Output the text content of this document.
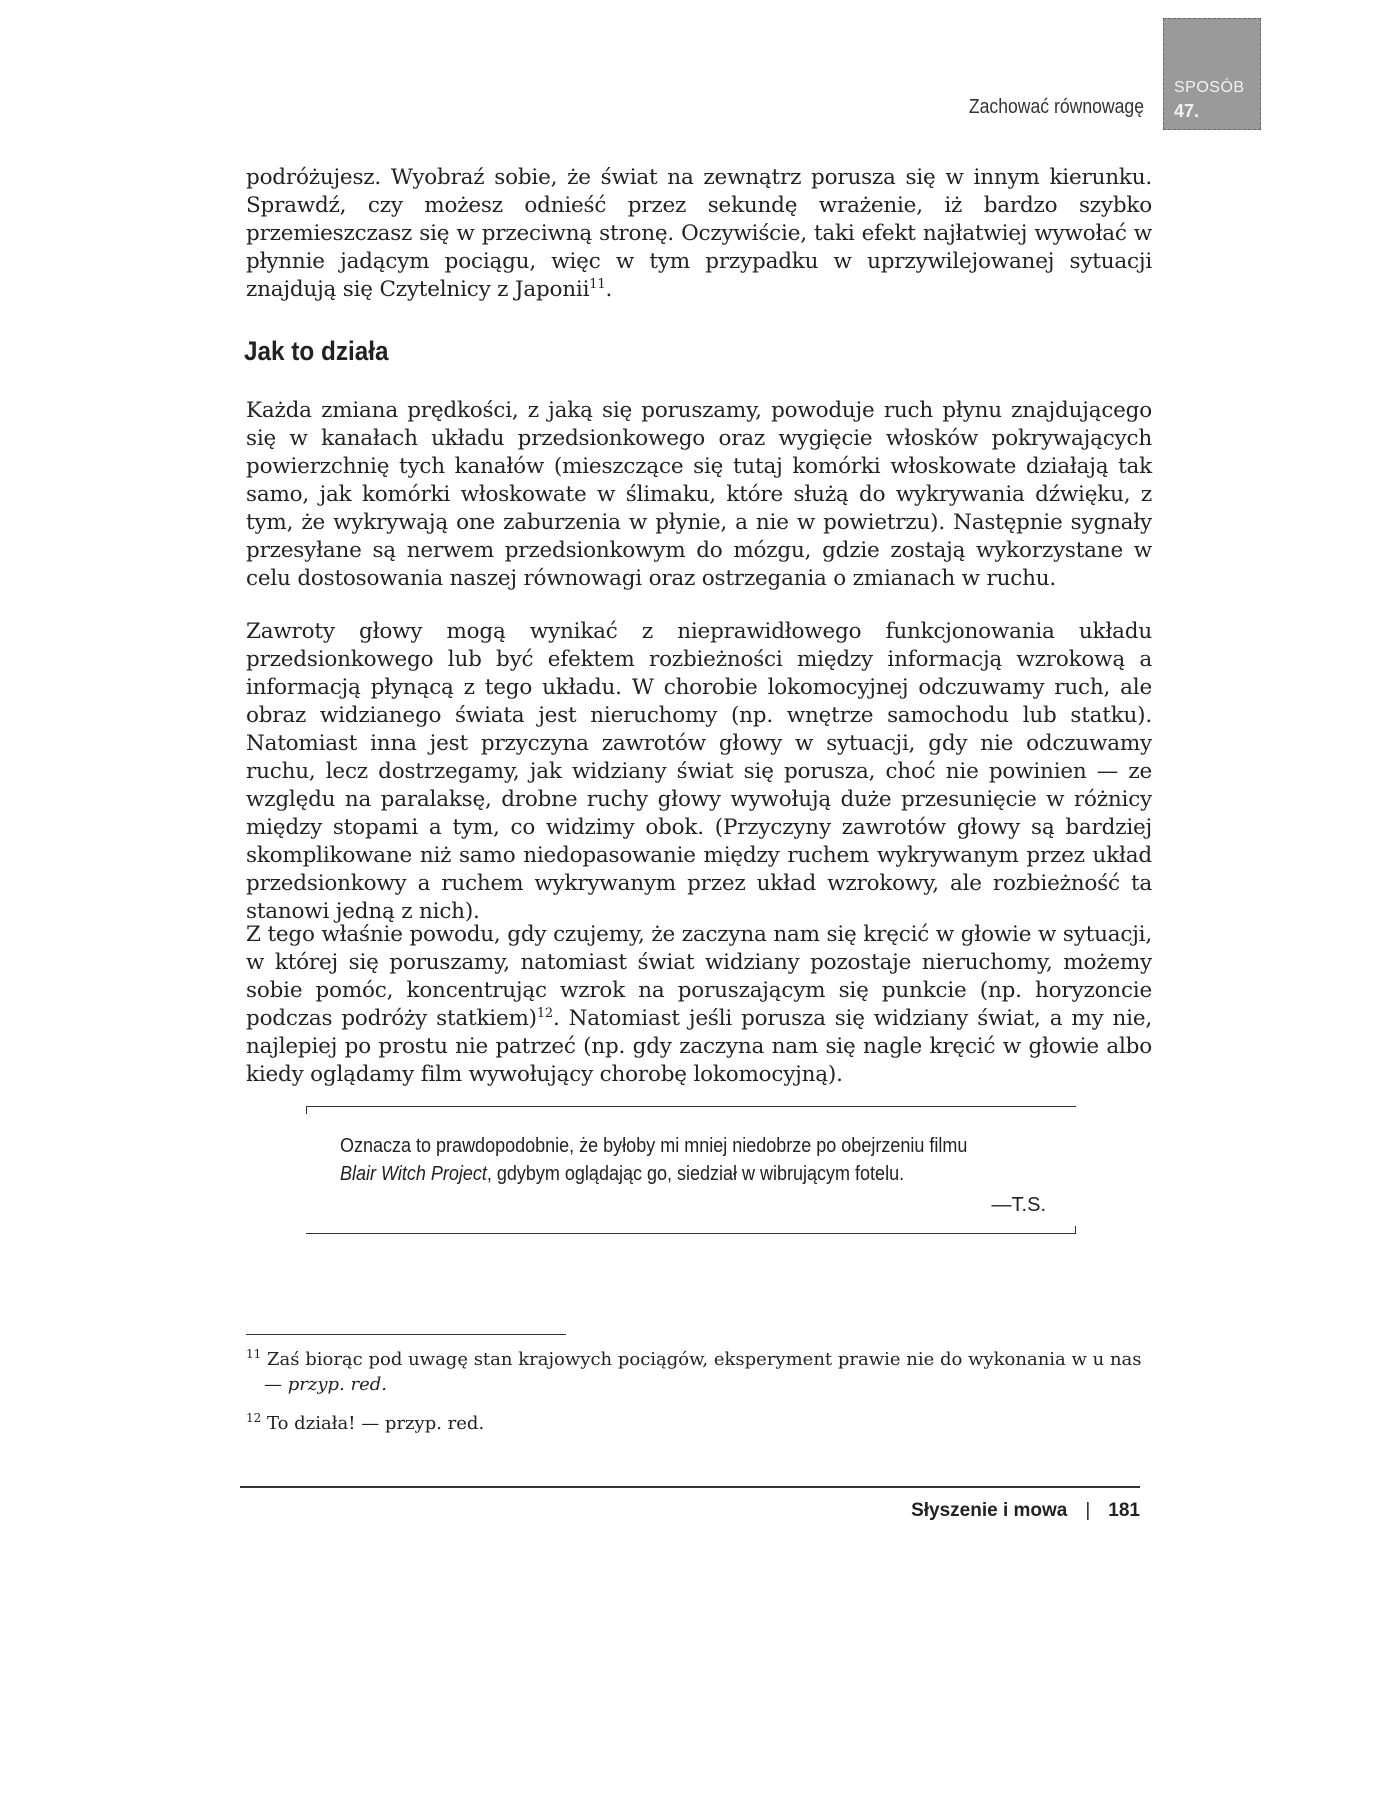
Zachować równowagę
SPOSÓB
47.

podróżujesz. Wyobraź sobie, że świat na zewnątrz porusza się w innym kierunku. Sprawdź, czy możesz odnieść przez sekundę wrażenie, iż bardzo szybko przemieszczasz się w przeciwną stronę. Oczywiście, taki efekt najłatwiej wywołać w płynnie jadącym pociągu, więc w tym przypadku w uprzywilejowanej sytuacji znajdują się Czytelnicy z Japonii$^{11}$.

Jak to działa

Każda zmiana prędkości, z jaką się poruszamy, powoduje ruch płynu znajdującego się w kanałach układu przedsionkowego oraz wygięcie włosków pokrywających powierzchnię tych kanałów (mieszczące się tutaj komórki włoskowate działają tak samo, jak komórki włoskowate w ślimaku, które służą do wykrywania dźwięku, z tym, że wykrywają one zaburzenia w płynie, a nie w powietrzu). Następnie sygnały przesyłane są nerwem przedsionkowym do mózgu, gdzie zostają wykorzystane w celu dostosowania naszej równowagi oraz ostrzegania o zmianach w ruchu.

Zawroty głowy mogą wynikać z nieprawidłowego funkcjonowania układu przedsionkowego lub być efektem rozbieżności między informacją wzrokową a informacją płynącą z tego układu. W chorobie lokomocyjnej odczuwamy ruch, ale obraz widzianego świata jest nieruchomy (np. wnętrze samochodu lub statku). Natomiast inna jest przyczyna zawrotów głowy w sytuacji, gdy nie odczuwamy ruchu, lecz dostrzegamy, jak widziany świat się porusza, choć nie powinien — ze względu na paralaksę, drobne ruchy głowy wywołują duże przesunięcie w różnicy między stopami a tym, co widzimy obok. (Przyczyny zawrotów głowy są bardziej skomplikowane niż samo niedopasowanie między ruchem wykrywanym przez układ przedsionkowy a ruchem wykrywanym przez układ wzrokowy, ale rozbieżność ta stanowi jedną z nich).

Z tego właśnie powodu, gdy czujemy, że zaczyna nam się kręcić w głowie w sytuacji, w której się poruszamy, natomiast świat widziany pozostaje nieruchomy, możemy sobie pomóc, koncentrując wzrok na poruszającym się punkcie (np. horyzoncie podczas podróży statkiem)$^{12}$. Natomiast jeśli porusza się widziany świat, a my nie, najlepiej po prostu nie patrzeć (np. gdy zaczyna nam się nagle kręcić w głowie albo kiedy oglądamy film wywołujący chorobę lokomocyjną).

Oznacza to prawdopodobnie, że byłoby mi mniej niedobrze po obejrzeniu filmu Blair Witch Project, gdybym oglądając go, siedział w wibrującym fotelu.

—T.S.

$^{11}$ Zaś biorąc pod uwagę stan krajowych pociągów, eksperyment prawie nie do wykonania w u nas
— przyp. red.

$^{12}$ To działa! — przyp. red.

Słyszenie i mowa | 181
